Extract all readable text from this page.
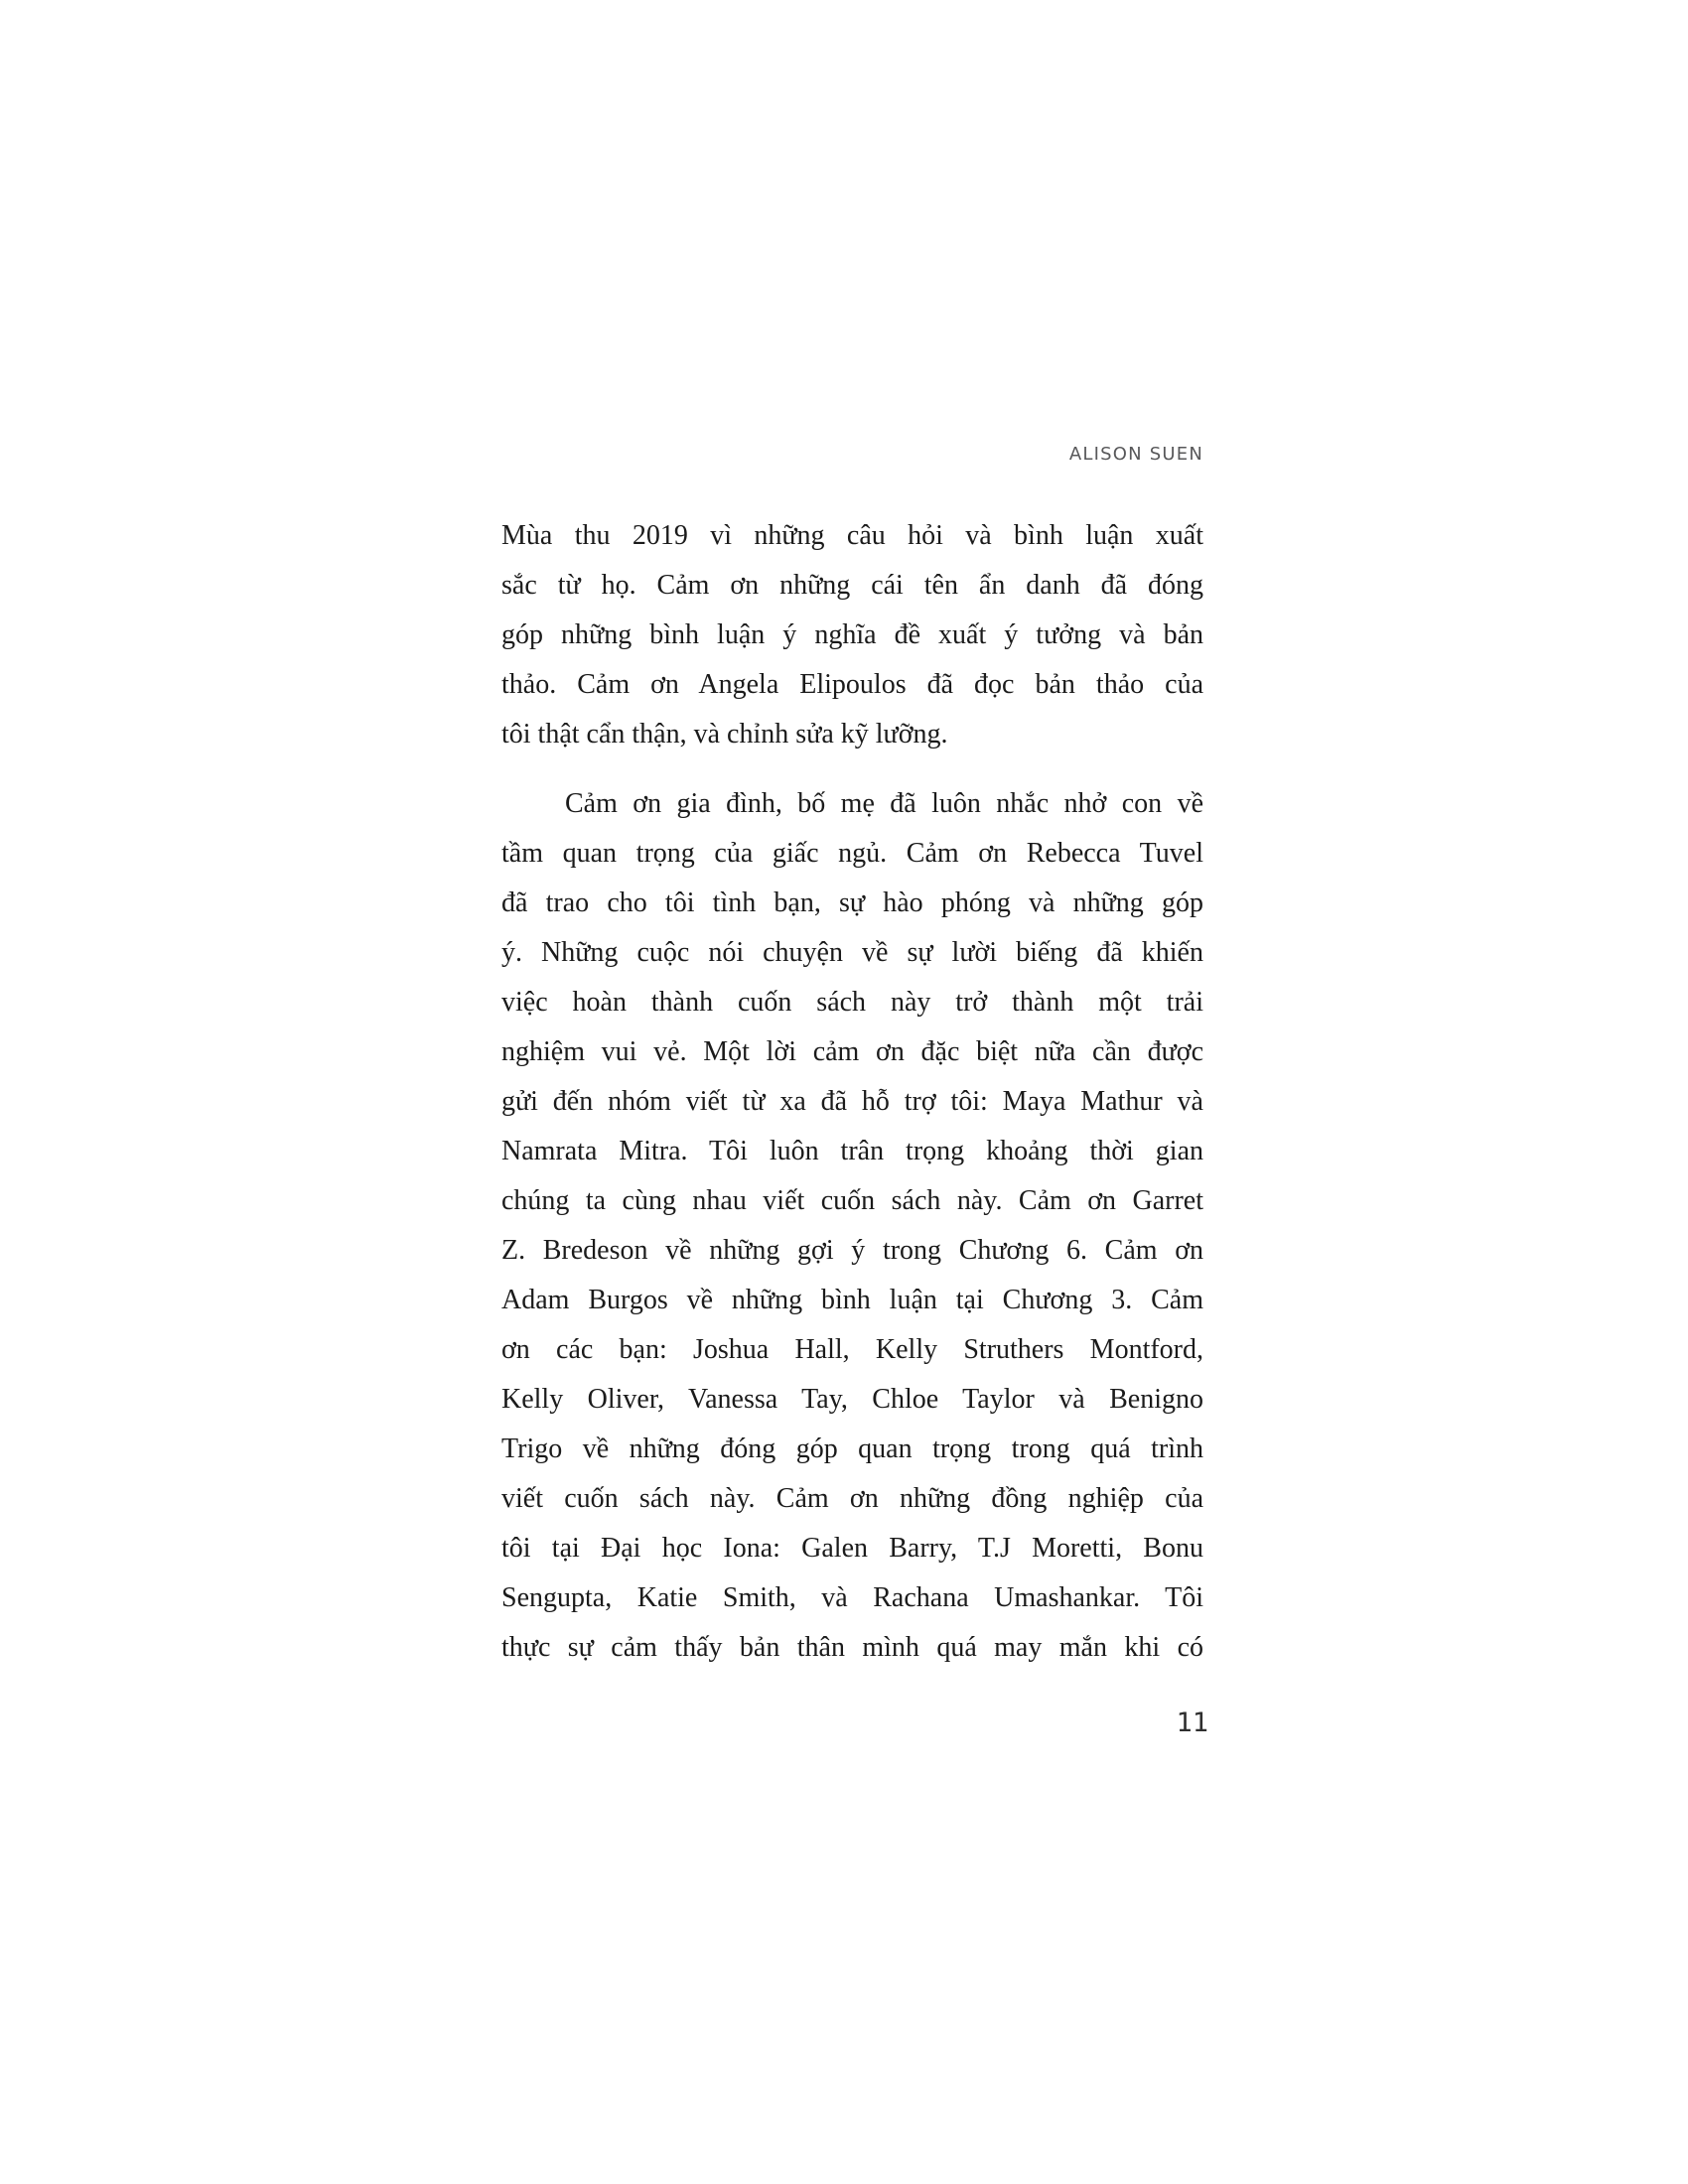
ALISON SUEN
Mùa thu 2019 vì những câu hỏi và bình luận xuất
sắc từ họ. Cảm ơn những cái tên ẩn danh đã đóng
góp những bình luận ý nghĩa đề xuất ý tưởng và bản
thảo. Cảm ơn Angela Elipoulos đã đọc bản thảo của
tôi thật cẩn thận, và chỉnh sửa kỹ lưỡng.
Cảm ơn gia đình, bố mẹ đã luôn nhắc nhở con về
tầm quan trọng của giấc ngủ. Cảm ơn Rebecca Tuvel
đã trao cho tôi tình bạn, sự hào phóng và những góp
ý. Những cuộc nói chuyện về sự lười biếng đã khiến
việc hoàn thành cuốn sách này trở thành một trải
nghiệm vui vẻ. Một lời cảm ơn đặc biệt nữa cần được
gửi đến nhóm viết từ xa đã hỗ trợ tôi: Maya Mathur và
Namrata Mitra. Tôi luôn trân trọng khoảng thời gian
chúng ta cùng nhau viết cuốn sách này. Cảm ơn Garret
Z. Bredeson về những gợi ý trong Chương 6. Cảm ơn
Adam Burgos về những bình luận tại Chương 3. Cảm
ơn các bạn: Joshua Hall, Kelly Struthers Montford,
Kelly Oliver, Vanessa Tay, Chloe Taylor và Benigno
Trigo về những đóng góp quan trọng trong quá trình
viết cuốn sách này. Cảm ơn những đồng nghiệp của
tôi tại Đại học Iona: Galen Barry, T.J Moretti, Bonu
Sengupta, Katie Smith, và Rachana Umashankar. Tôi
thực sự cảm thấy bản thân mình quá may mắn khi có
11
